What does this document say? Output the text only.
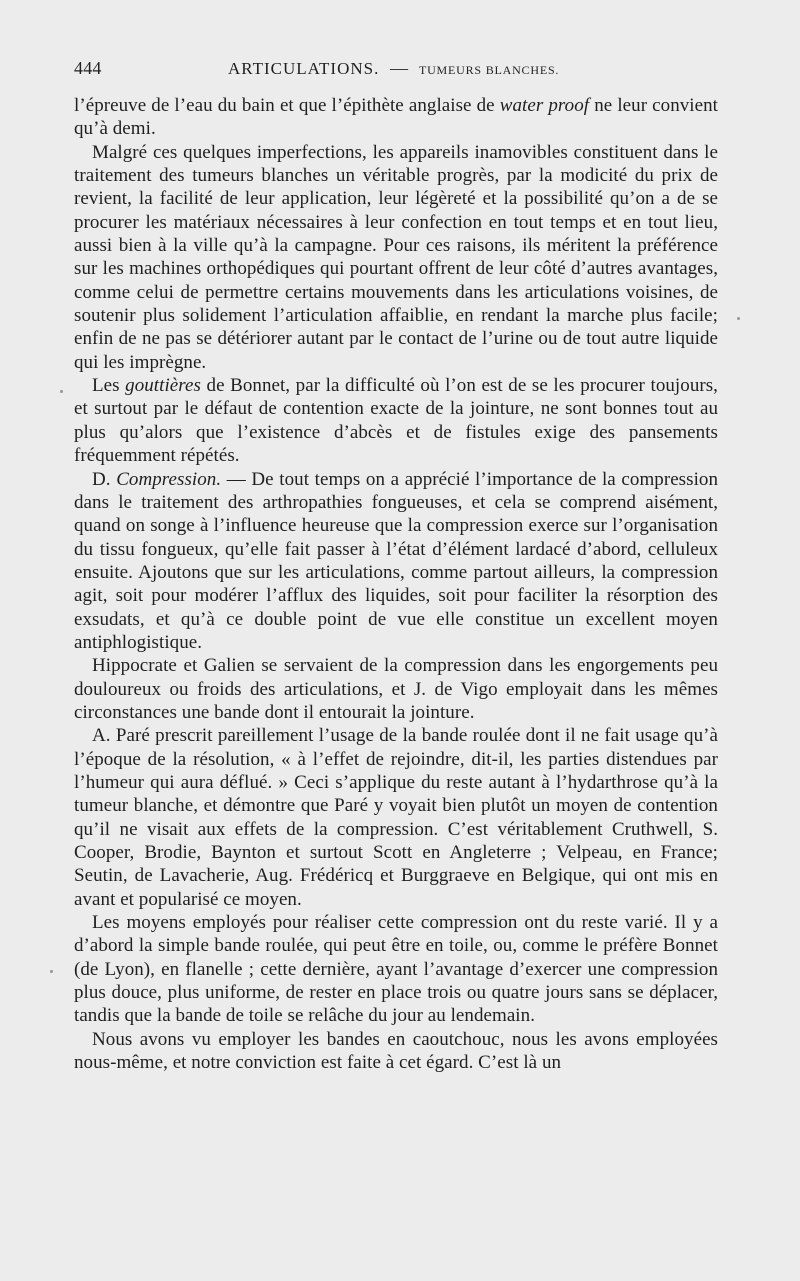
444	ARTICULATIONS. — TUMEURS BLANCHES.

l’épreuve de l’eau du bain et que l’épithète anglaise de water proof ne leur convient qu’à demi.

Malgré ces quelques imperfections, les appareils inamovibles constituent dans le traitement des tumeurs blanches un véritable progrès, par la modicité du prix de revient, la facilité de leur application, leur légèreté et la possibilité qu’on a de se procurer les matériaux nécessaires à leur confection en tout temps et en tout lieu, aussi bien à la ville qu’à la campagne. Pour ces raisons, ils méritent la préférence sur les machines orthopédiques qui pourtant offrent de leur côté d’autres avantages, comme celui de permettre certains mouvements dans les articulations voisines, de soutenir plus solidement l’articulation affaiblie, en rendant la marche plus facile; enfin de ne pas se détériorer autant par le contact de l’urine ou de tout autre liquide qui les imprègne.

Les gouttières de Bonnet, par la difficulté où l’on est de se les procurer toujours, et surtout par le défaut de contention exacte de la jointure, ne sont bonnes tout au plus qu’alors que l’existence d’abcès et de fistules exige des pansements fréquemment répétés.

D. Compression. — De tout temps on a apprécié l’importance de la compression dans le traitement des arthropathies fongueuses, et cela se comprend aisément, quand on songe à l’influence heureuse que la compression exerce sur l’organisation du tissu fongueux, qu’elle fait passer à l’état d’élément lardacé d’abord, celluleux ensuite. Ajoutons que sur les articulations, comme partout ailleurs, la compression agit, soit pour modérer l’afflux des liquides, soit pour faciliter la résorption des exsudats, et qu’à ce double point de vue elle constitue un excellent moyen antiphlogistique.

Hippocrate et Galien se servaient de la compression dans les engorgements peu douloureux ou froids des articulations, et J. de Vigo employait dans les mêmes circonstances une bande dont il entourait la jointure.

A. Paré prescrit pareillement l’usage de la bande roulée dont il ne fait usage qu’à l’époque de la résolution, « à l’effet de rejoindre, dit-il, les parties distendues par l’humeur qui aura déflué. » Ceci s’applique du reste autant à l’hydarthrose qu’à la tumeur blanche, et démontre que Paré y voyait bien plutôt un moyen de contention qu’il ne visait aux effets de la compression. C’est véritablement Cruthwell, S. Cooper, Brodie, Baynton et surtout Scott en Angleterre ; Velpeau, en France; Seutin, de Lavacherie, Aug. Frédéricq et Burggraeve en Belgique, qui ont mis en avant et popularisé ce moyen.

Les moyens employés pour réaliser cette compression ont du reste varié. Il y a d’abord la simple bande roulée, qui peut être en toile, ou, comme le préfère Bonnet (de Lyon), en flanelle ; cette dernière, ayant l’avantage d’exercer une compression plus douce, plus uniforme, de rester en place trois ou quatre jours sans se déplacer, tandis que la bande de toile se relâche du jour au lendemain.

Nous avons vu employer les bandes en caoutchouc, nous les avons employées nous-même, et notre conviction est faite à cet égard. C’est là un
